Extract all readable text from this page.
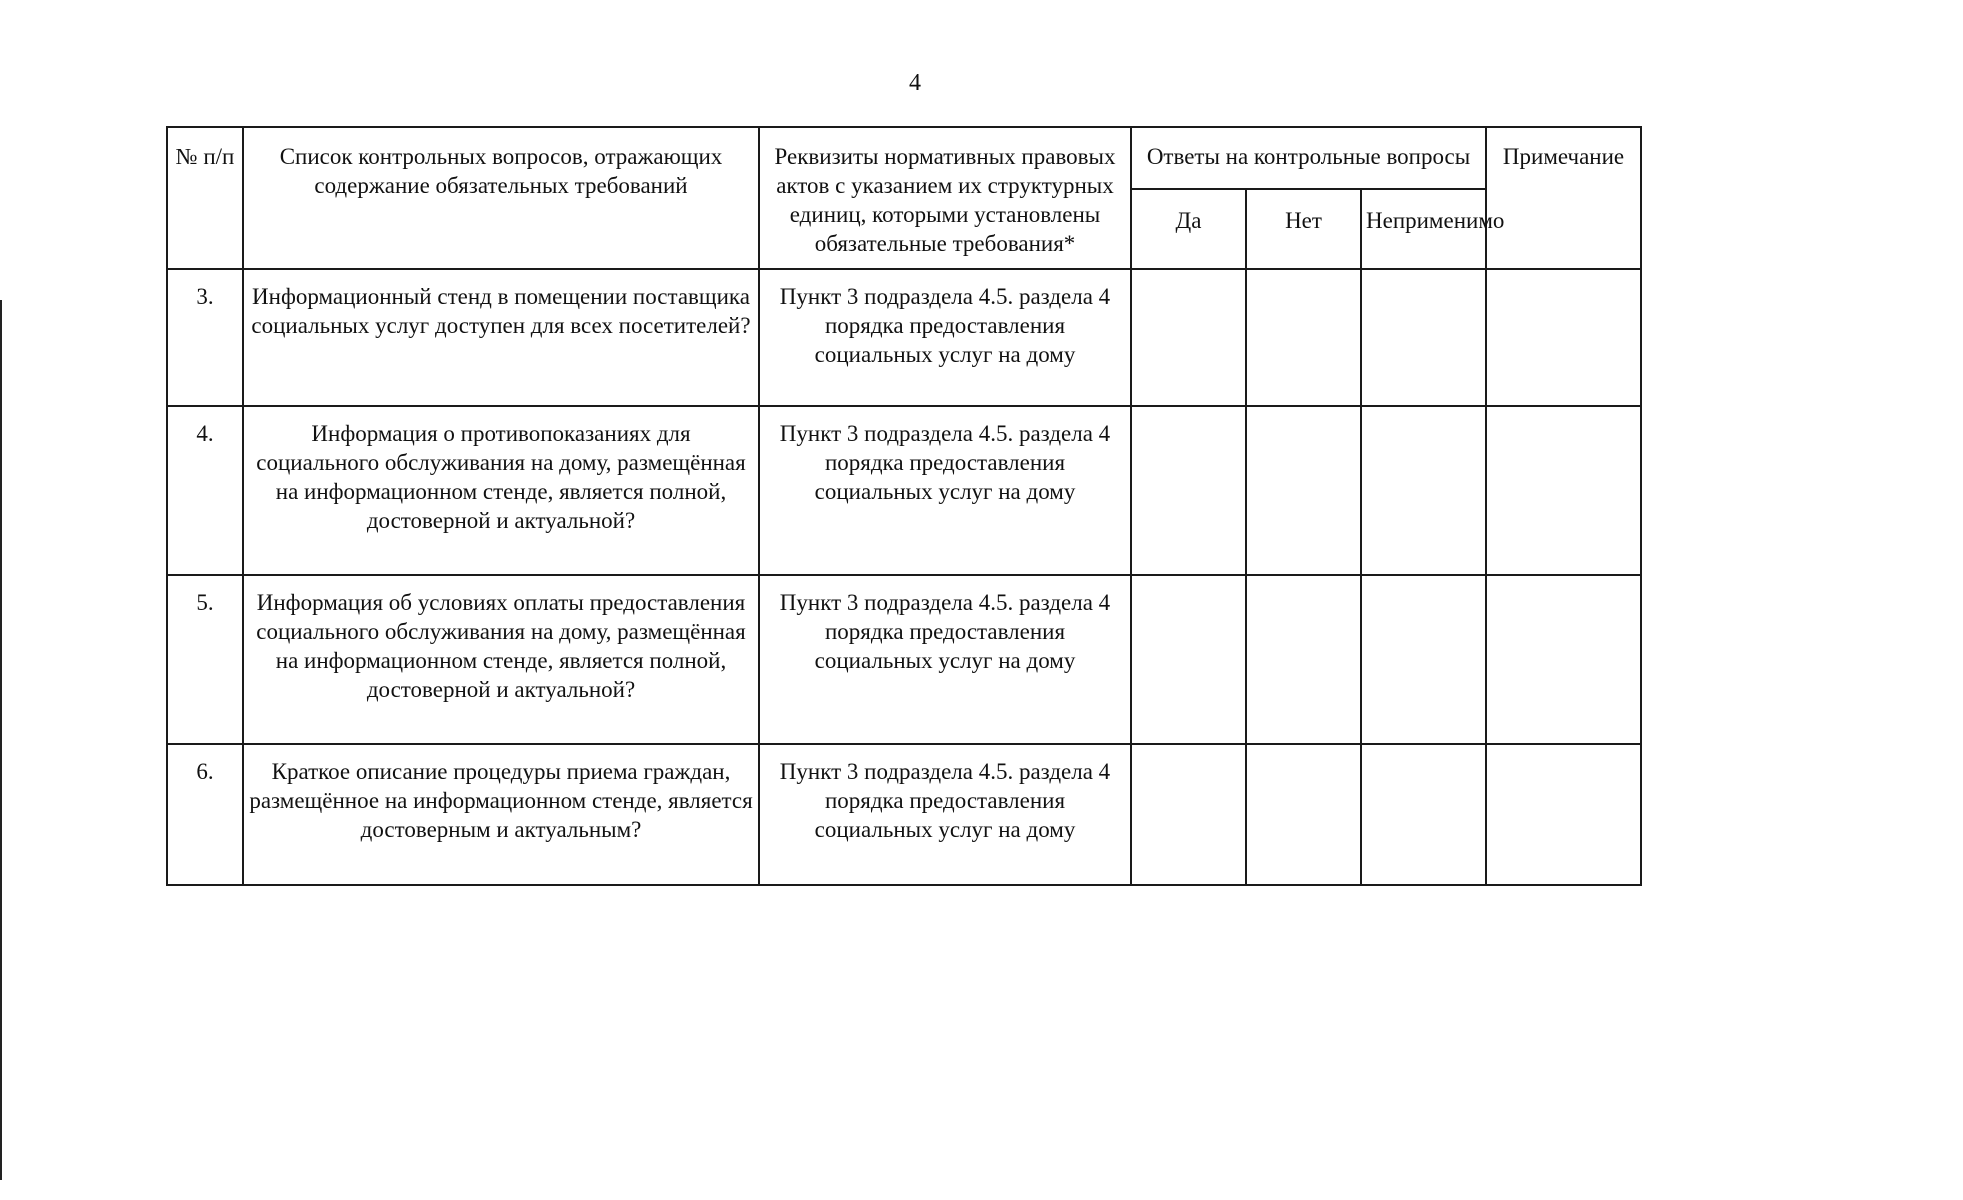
4
№ п/п	Список контрольных вопросов, отражающих содержание обязательных требований	Реквизиты нормативных правовых актов с указанием их структурных единиц, которыми установлены обязательные требования*	Ответы на контрольные вопросы			Примечание
			Да	Нет	Неприменимо	
3.	Информационный стенд в помещении поставщика социальных услуг доступен для всех посетителей?	Пункт 3 подраздела 4.5. раздела 4 порядка предоставления социальных услуг на дому				
4.	Информация о противопоказаниях для социального обслуживания на дому, размещённая на информационном стенде, является полной, достоверной и актуальной?	Пункт 3 подраздела 4.5. раздела 4 порядка предоставления социальных услуг на дому				
5.	Информация об условиях оплаты предоставления социального обслуживания на дому, размещённая на информационном стенде, является полной, достоверной и актуальной?	Пункт 3 подраздела 4.5. раздела 4 порядка предоставления социальных услуг на дому				
6.	Краткое описание процедуры приема граждан, размещённое на информационном стенде, является достоверным и актуальным?	Пункт 3 подраздела 4.5. раздела 4 порядка предоставления социальных услуг на дому				
